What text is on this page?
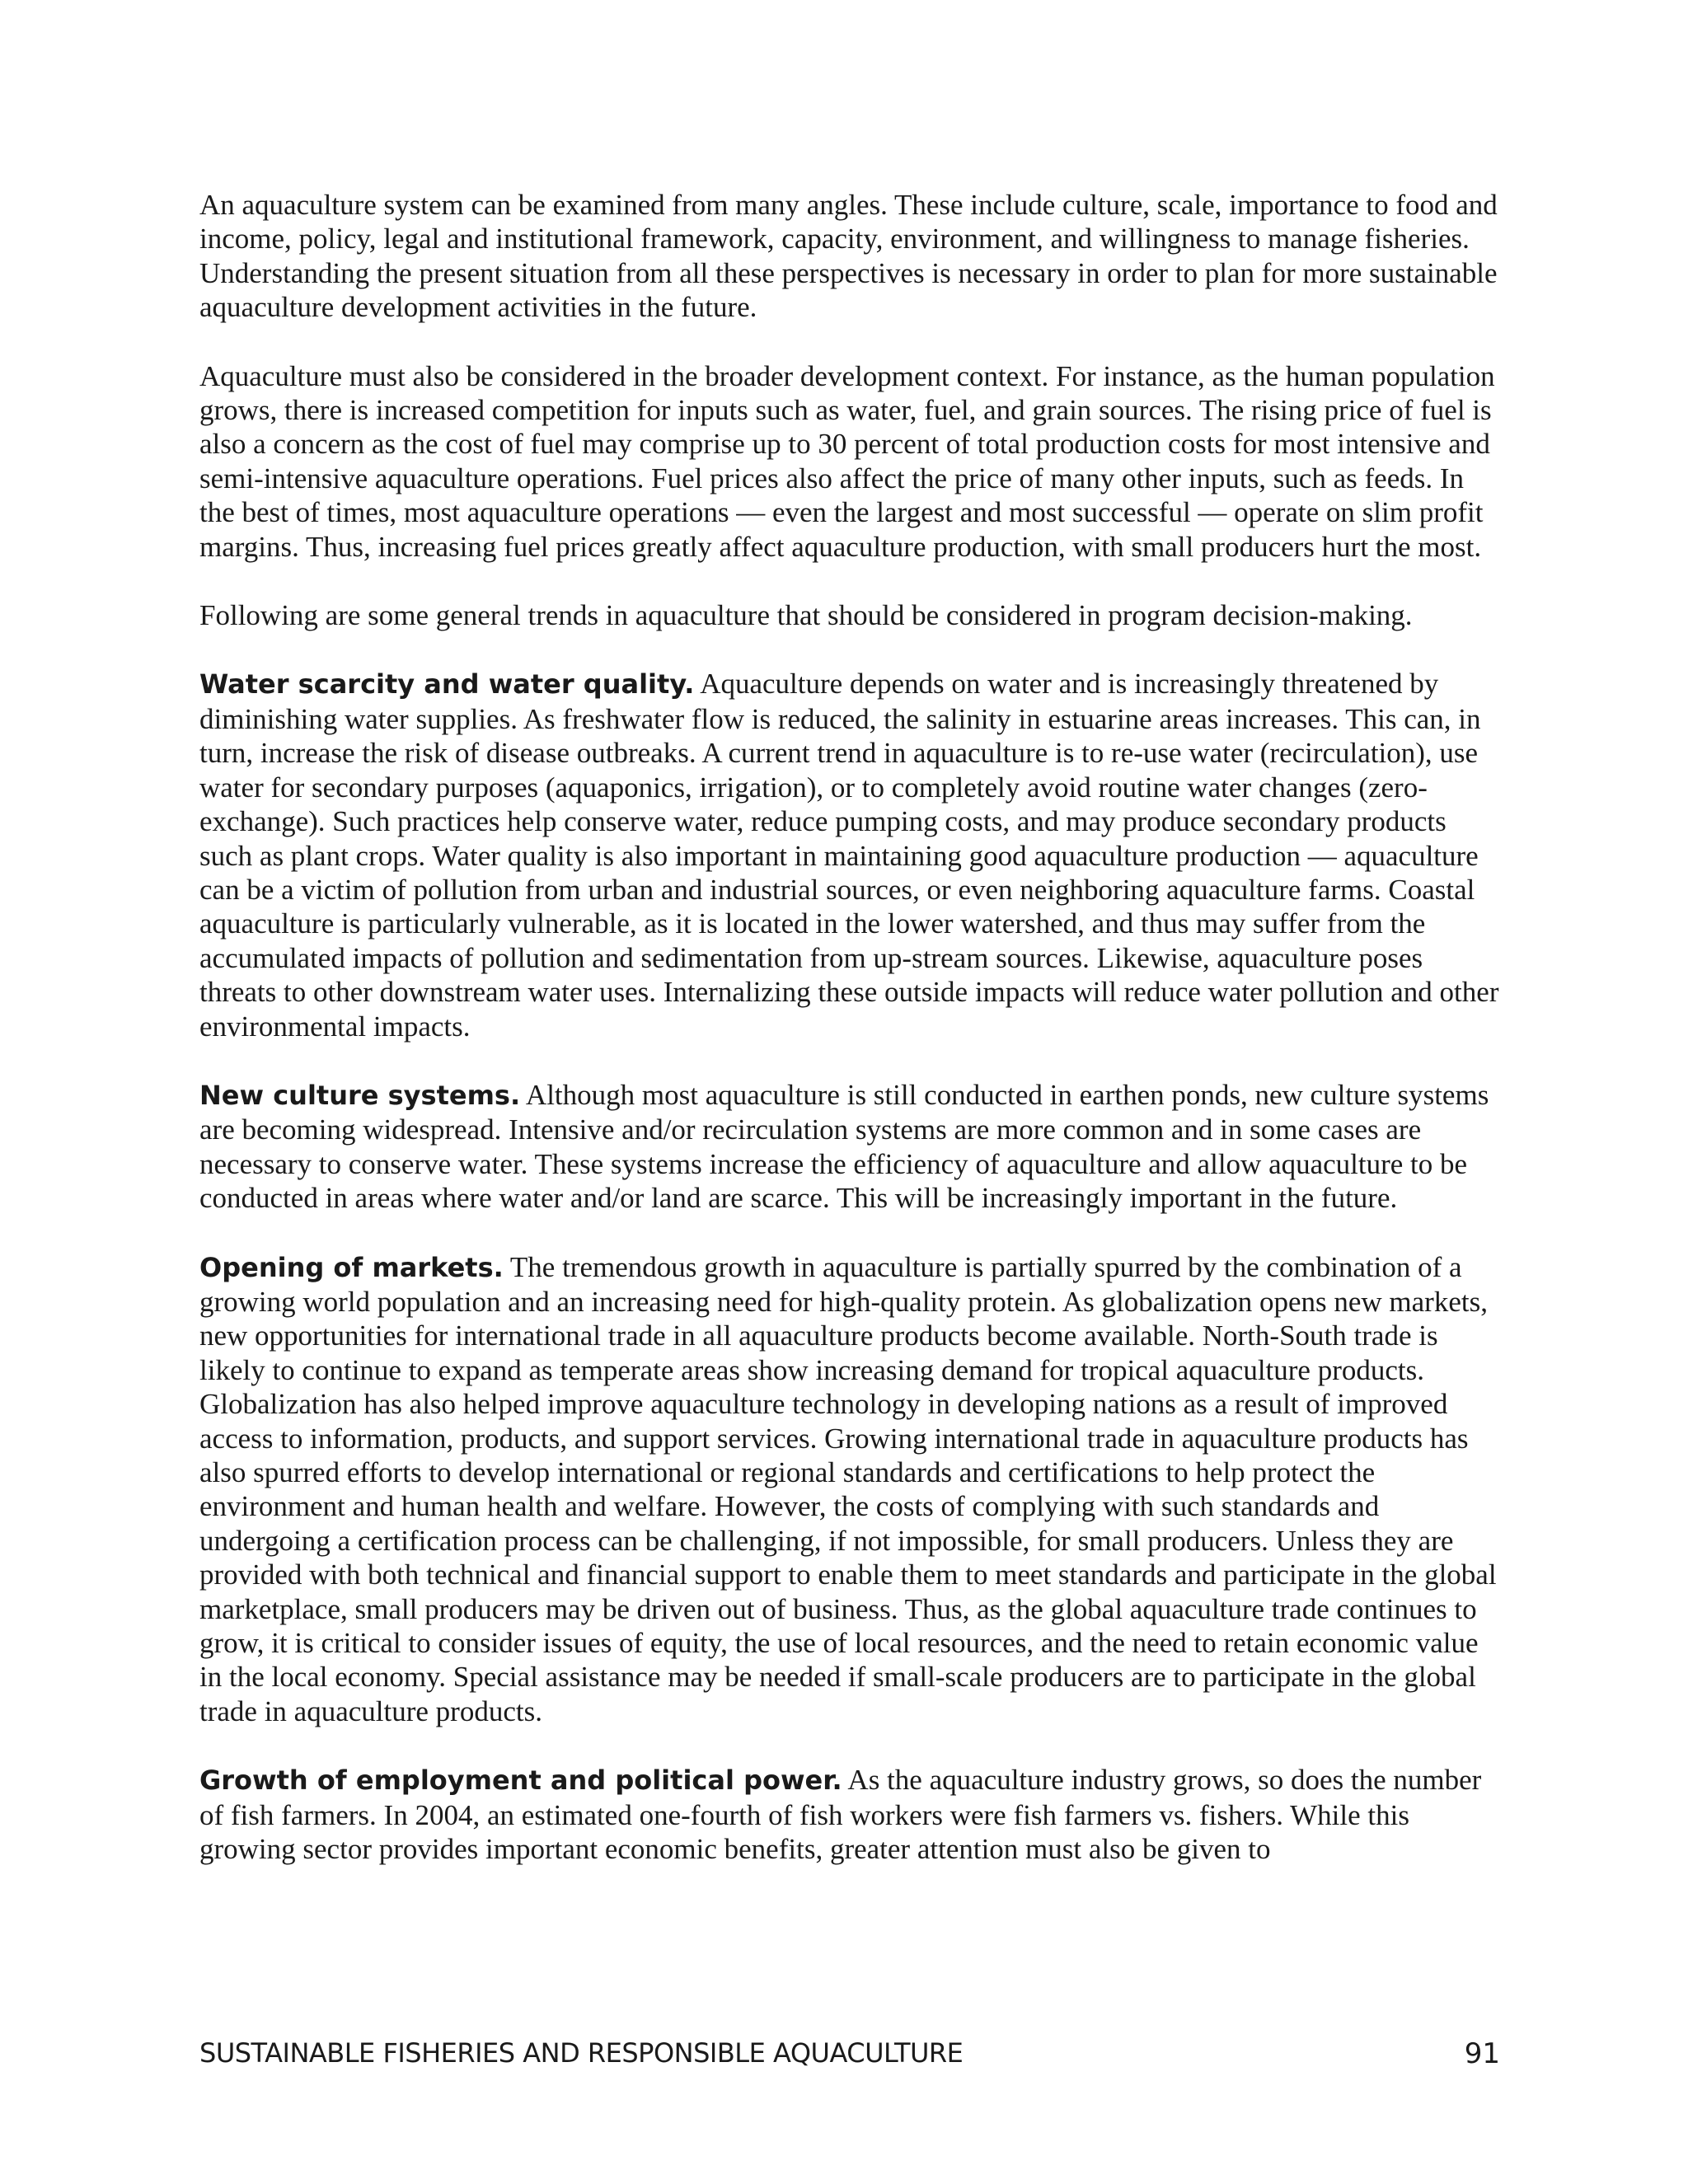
An aquaculture system can be examined from many angles. These include culture, scale, importance to food and income, policy, legal and institutional framework, capacity, environment, and willingness to manage fisheries. Understanding the present situation from all these perspectives is necessary in order to plan for more sustainable aquaculture development activities in the future.

Aquaculture must also be considered in the broader development context. For instance, as the human population grows, there is increased competition for inputs such as water, fuel, and grain sources. The rising price of fuel is also a concern as the cost of fuel may comprise up to 30 percent of total production costs for most intensive and semi-intensive aquaculture operations. Fuel prices also affect the price of many other inputs, such as feeds. In the best of times, most aquaculture operations — even the largest and most successful — operate on slim profit margins. Thus, increasing fuel prices greatly affect aquaculture production, with small producers hurt the most.

Following are some general trends in aquaculture that should be considered in program decision-making.

Water scarcity and water quality. Aquaculture depends on water and is increasingly threatened by diminishing water supplies. As freshwater flow is reduced, the salinity in estuarine areas increases. This can, in turn, increase the risk of disease outbreaks. A current trend in aquaculture is to re-use water (recirculation), use water for secondary purposes (aquaponics, irrigation), or to completely avoid routine water changes (zero-exchange). Such practices help conserve water, reduce pumping costs, and may produce secondary products such as plant crops. Water quality is also important in maintaining good aquaculture production — aquaculture can be a victim of pollution from urban and industrial sources, or even neighboring aquaculture farms. Coastal aquaculture is particularly vulnerable, as it is located in the lower watershed, and thus may suffer from the accumulated impacts of pollution and sedimentation from up-stream sources. Likewise, aquaculture poses threats to other downstream water uses. Internalizing these outside impacts will reduce water pollution and other environmental impacts.

New culture systems. Although most aquaculture is still conducted in earthen ponds, new culture systems are becoming widespread. Intensive and/or recirculation systems are more common and in some cases are necessary to conserve water. These systems increase the efficiency of aquaculture and allow aquaculture to be conducted in areas where water and/or land are scarce. This will be increasingly important in the future.

Opening of markets. The tremendous growth in aquaculture is partially spurred by the combination of a growing world population and an increasing need for high-quality protein. As globalization opens new markets, new opportunities for international trade in all aquaculture products become available. North-South trade is likely to continue to expand as temperate areas show increasing demand for tropical aquaculture products. Globalization has also helped improve aquaculture technology in developing nations as a result of improved access to information, products, and support services. Growing international trade in aquaculture products has also spurred efforts to develop international or regional standards and certifications to help protect the environment and human health and welfare. However, the costs of complying with such standards and undergoing a certification process can be challenging, if not impossible, for small producers. Unless they are provided with both technical and financial support to enable them to meet standards and participate in the global marketplace, small producers may be driven out of business. Thus, as the global aquaculture trade continues to grow, it is critical to consider issues of equity, the use of local resources, and the need to retain economic value in the local economy. Special assistance may be needed if small-scale producers are to participate in the global trade in aquaculture products.

Growth of employment and political power. As the aquaculture industry grows, so does the number of fish farmers. In 2004, an estimated one-fourth of fish workers were fish farmers vs. fishers. While this growing sector provides important economic benefits, greater attention must also be given to

SUSTAINABLE FISHERIES AND RESPONSIBLE AQUACULTURE	91
